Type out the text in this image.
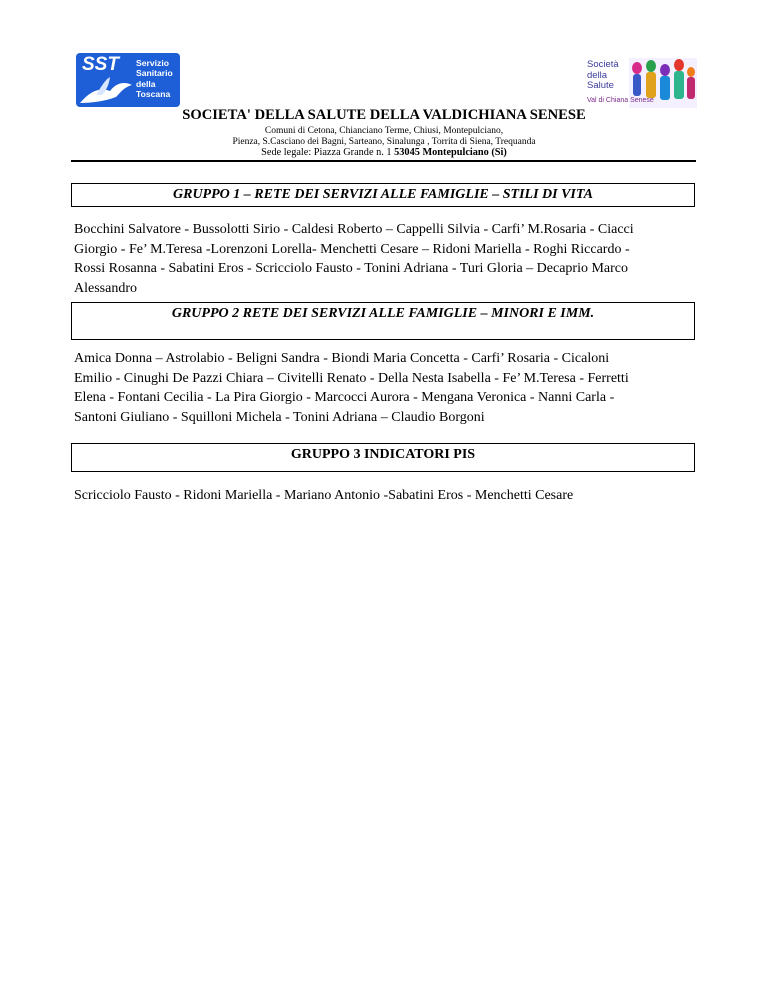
SST Servizio
Sanitario
della
Toscana
Società
della
Salute
Val di Chiana Senese
SOCIETA' DELLA SALUTE DELLA VALDICHIANA SENESE
Comuni di Cetona, Chianciano Terme, Chiusi, Montepulciano,
Pienza, S.Casciano dei Bagni, Sarteano, Sinalunga , Torrita di Siena, Trequanda
Sede legale: Piazza Grande n. 1 53045 Montepulciano (Si)
GRUPPO 1 – RETE DEI SERVIZI ALLE FAMIGLIE – STILI DI VITA
Bocchini Salvatore - Bussolotti Sirio - Caldesi Roberto – Cappelli Silvia - Carfi’ M.Rosaria - Ciacci
Giorgio - Fe’ M.Teresa -Lorenzoni Lorella- Menchetti Cesare – Ridoni Mariella - Roghi Riccardo -
Rossi Rosanna - Sabatini Eros - Scricciolo Fausto - Tonini Adriana - Turi Gloria – Decaprio Marco
Alessandro
GRUPPO 2 RETE DEI SERVIZI ALLE FAMIGLIE – MINORI E IMM.
Amica Donna – Astrolabio - Beligni Sandra - Biondi Maria Concetta - Carfi’ Rosaria - Cicaloni
Emilio - Cinughi De Pazzi Chiara – Civitelli Renato - Della Nesta Isabella - Fe’ M.Teresa - Ferretti
Elena - Fontani Cecilia - La Pira Giorgio - Marcocci Aurora - Mengana Veronica - Nanni Carla -
Santoni Giuliano - Squilloni Michela - Tonini Adriana – Claudio Borgoni
GRUPPO 3 INDICATORI PIS
Scricciolo Fausto - Ridoni Mariella - Mariano Antonio -Sabatini Eros - Menchetti Cesare
